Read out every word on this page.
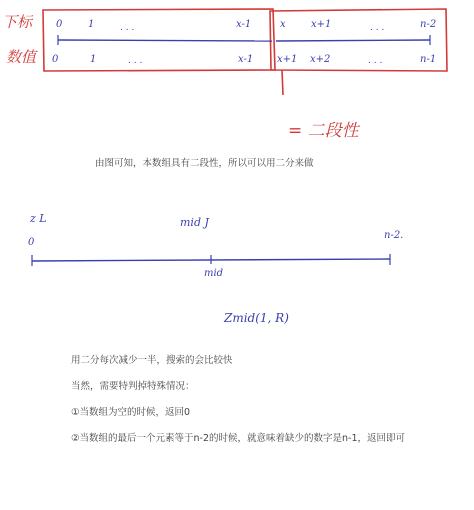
下标
数值
0	1	. . .	x-1
0	1	. . .	x-1
x	x+1	. . .	n-2
x+1 x+2	. . .	n-1
= 二段性
z L	mid J
0
n-2.
mid
Zmid(1, R)
由图可知，本数组具有二段性，所以可以用二分来做
用二分每次减少一半，搜索的会比较快
当然，需要特判掉特殊情况：
①当数组为空的时候，返回0
②当数组的最后一个元素等于n-2的时候，就意味着缺少的数字是n-1，返回即可
